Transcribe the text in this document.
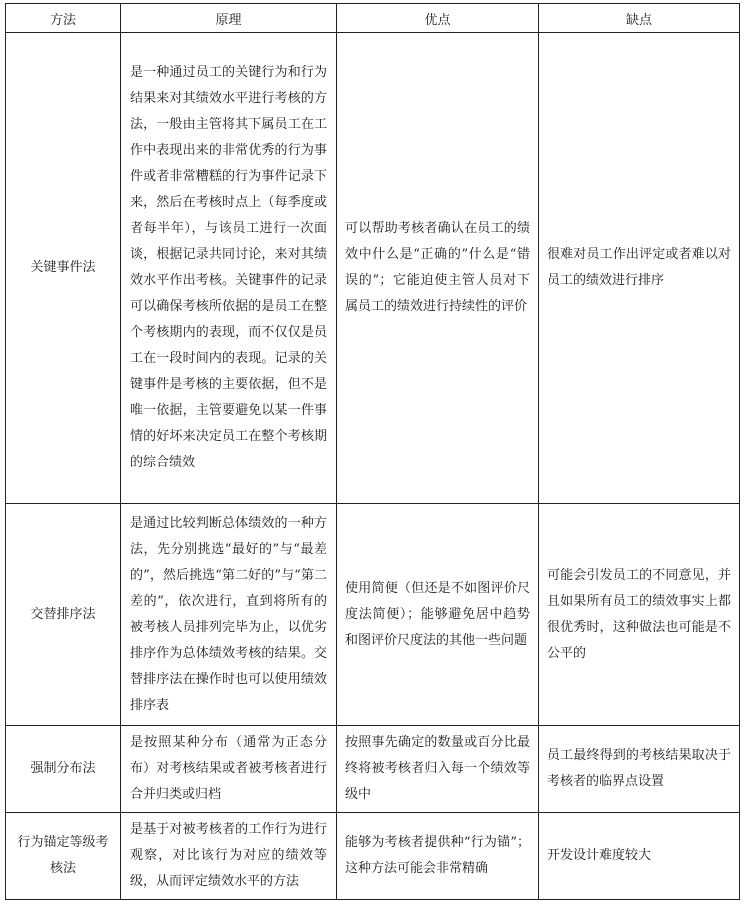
方法	原理	优点	缺点
关键事件法	是一种通过员工的关键行为和行为结果来对其绩效水平进行考核的方法，一般由主管将其下属员工在工作中表现出来的非常优秀的行为事件或者非常糟糕的行为事件记录下来，然后在考核时点上（每季度或者每半年），与该员工进行一次面谈，根据记录共同讨论，来对其绩效水平作出考核。关键事件的记录可以确保考核所依据的是员工在整个考核期内的表现，而不仅仅是员工在一段时间内的表现。记录的关键事件是考核的主要依据，但不是唯一依据，主管要避免以某一件事情的好坏来决定员工在整个考核期的综合绩效	可以帮助考核者确认在员工的绩效中什么是“正确的”什么是“错误的”；它能迫使主管人员对下属员工的绩效进行持续性的评价	很难对员工作出评定或者难以对员工的绩效进行排序
交替排序法	是通过比较判断总体绩效的一种方法，先分别挑选“最好的”与“最差的”，然后挑选“第二好的”与“第二差的”，依次进行，直到将所有的被考核人员排列完毕为止，以优劣排序作为总体绩效考核的结果。交替排序法在操作时也可以使用绩效排序表	使用简便（但还是不如图评价尺度法简便）；能够避免居中趋势和图评价尺度法的其他一些问题	可能会引发员工的不同意见，并且如果所有员工的绩效事实上都很优秀时，这种做法也可能是不公平的
强制分布法	是按照某种分布（通常为正态分布）对考核结果或者被考核者进行合并归类或归档	按照事先确定的数量或百分比最终将被考核者归入每一个绩效等级中	员工最终得到的考核结果取决于考核者的临界点设置
行为锚定等级考核法	是基于对被考核者的工作行为进行观察，对比该行为对应的绩效等级，从而评定绩效水平的方法	能够为考核者提供种“行为锚”；这种方法可能会非常精确	开发设计难度较大
